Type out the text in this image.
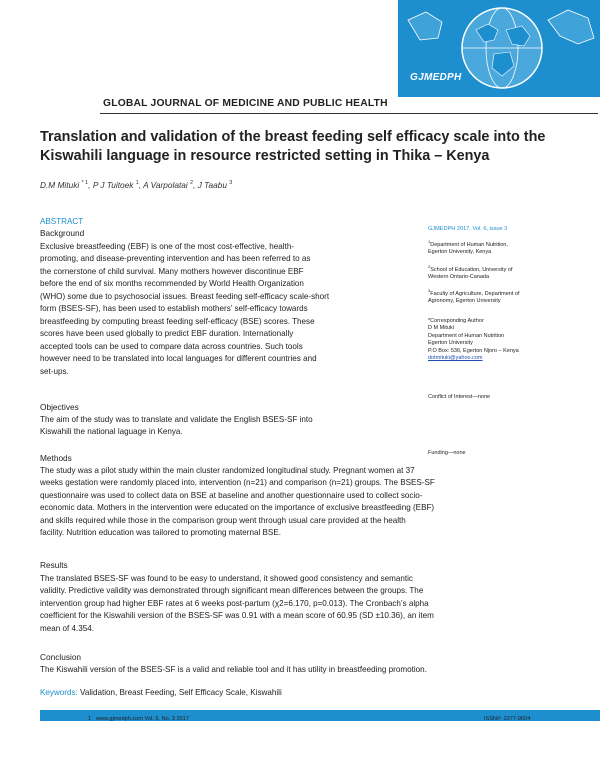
GJMEDPH
GLOBAL JOURNAL OF MEDICINE AND PUBLIC HEALTH
Translation and validation of the breast feeding self efficacy scale into the
Kiswahili language in resource restricted setting in Thika – Kenya
D.M Mituki $^{* 1}$, P J Tuitoek $^1$, A Varpolatai $^2$, J Taabu $^3$
ABSTRACT
Background
Exclusive breastfeeding (EBF) is one of the most cost-effective, health-
promoting, and disease-preventing intervention and has been referred to as
the cornerstone of child survival. Many mothers however discontinue EBF
before the end of six months recommended by World Health Organization
(WHO) some due to psychosocial issues. Breast feeding self-efficacy scale-short
form (BSES-SF), has been used to establish mothers’ self-efficacy towards
breastfeeding by computing breast feeding self-efficacy (BSE) scores. These
scores have been used globally to predict EBF duration. Internationally
accepted tools can be used to compare data across countries. Such tools
however need to be translated into local languages for different countries and
set-ups.
Objectives
The aim of the study was to translate and validate the English BSES-SF into
Kiswahili the national laguage in Kenya.
Methods
The study was a pilot study within the main cluster randomized longitudinal study. Pregnant women at 37
weeks gestation were randomly placed into, intervention (n=21) and comparison (n=21) groups. The BSES-SF
questionnaire was used to collect data on BSE at baseline and another questionnaire used to collect socio-
economic data. Mothers in the intervention were educated on the importance of exclusive breastfeeding (EBF)
and skills required while those in the comparison group went through usual care provided at the health
facility. Nutrition education was tailored to promoting maternal BSE.
Results
The translated BSES-SF was found to be easy to understand, it showed good consistency and semantic
validity. Predictive validity was demonstrated through significant mean differences between the groups. The
intervention group had higher EBF rates at 6 weeks post-partum (χ2=6.170, p=0.013). The Cronbach’s alpha
coefficient for the Kiswahili version of the BSES-SF was 0.91 with a mean score of 60.95 (SD ±10.36), an item
mean of 4.354.
Conclusion
The Kiswahili version of the BSES-SF is a valid and reliable tool and it has utility in breastfeeding promotion.
Keywords: Validation, Breast Feeding, Self Efficacy Scale, Kiswahili
GJMEDPH 2017, Vol. 6, issue 3
$^1$Department of Human Nutrition,
Egerton University, Kenya
$^2$School of Education, University of
Western Ontario-Canada
$^3$Faculty of Agriculture, Department of
Agronomy, Egerton University
*Corresponding Author
D M Mituki
Department of Human Nutrition
Egerton University
P.O Box: 536, Egerton Njoro – Kenya
dotmituki@yahoo.com
Conflict of Interest—none
Funding—none
1 www.gjmedph.com Vol. 6, No. 3 2017	ISSN#- 2277-9604
